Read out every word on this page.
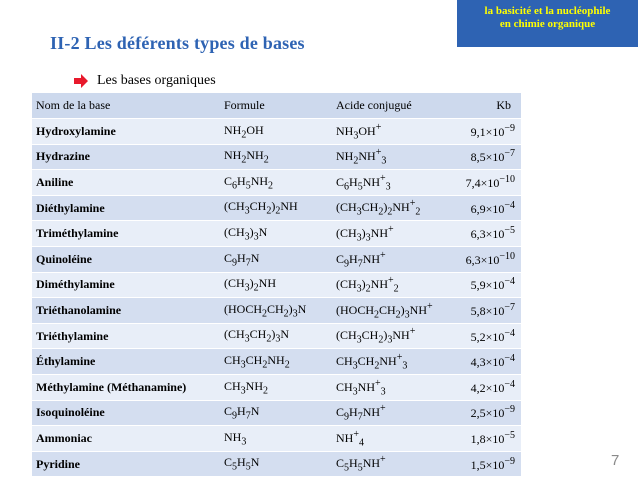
la basicité et la nucléophile
en chimie organique
II-2 Les déférents types de bases
Les bases organiques
Nom de la base	Formule	Acide conjugué	Kb
Hydroxylamine	$NH_2OH$	$NH_3OH^+$	$9,1\times 10^{-9}$
Hydrazine	$NH_2NH_2$	$NH_2NH^+_3$	$8,5\times 10^{-7}$
Aniline	$C_6H_5NH_2$	$C_6H_5NH^+_3$	$7,4\times 10^{-10}$
Diéthylamine	$(CH_3CH_2)_2NH$	$(CH_3CH_2)_2NH^+_2$	$6,9\times 10^{-4}$
Triméthylamine	$(CH_3)_3N$	$(CH_3)_3NH^+$	$6,3\times 10^{-5}$
Quinoléine	$C_9H_7N$	$C_9H_7NH^+$	$6,3\times 10^{-10}$
Diméthylamine	$(CH_3)_2NH$	$(CH_3)_2NH^+_2$	$5,9\times 10^{-4}$
Triéthanolamine	$(HOCH_2CH_2)_3N$	$(HOCH_2CH_2)_3NH^+$	$5,8\times 10^{-7}$
Triéthylamine	$(CH_3CH_2)_3N$	$(CH_3CH_2)_3NH^+$	$5,2\times 10^{-4}$
Éthylamine	$CH_3CH_2NH_2$	$CH_3CH_2NH^+_3$	$4,3\times 10^{-4}$
Méthylamine (Méthanamine)	$CH_3NH_2$	$CH_3NH^+_3$	$4,2\times 10^{-4}$
Isoquinoléine	$C_9H_7N$	$C_9H_7NH^+$	$2,5\times 10^{-9}$
Ammoniac	$NH_3$	$NH^+_4$	$1,8\times 10^{-5}$
Pyridine	$C_5H_5N$	$C_5H_5NH^+$	$1,5\times 10^{-9}$	7
